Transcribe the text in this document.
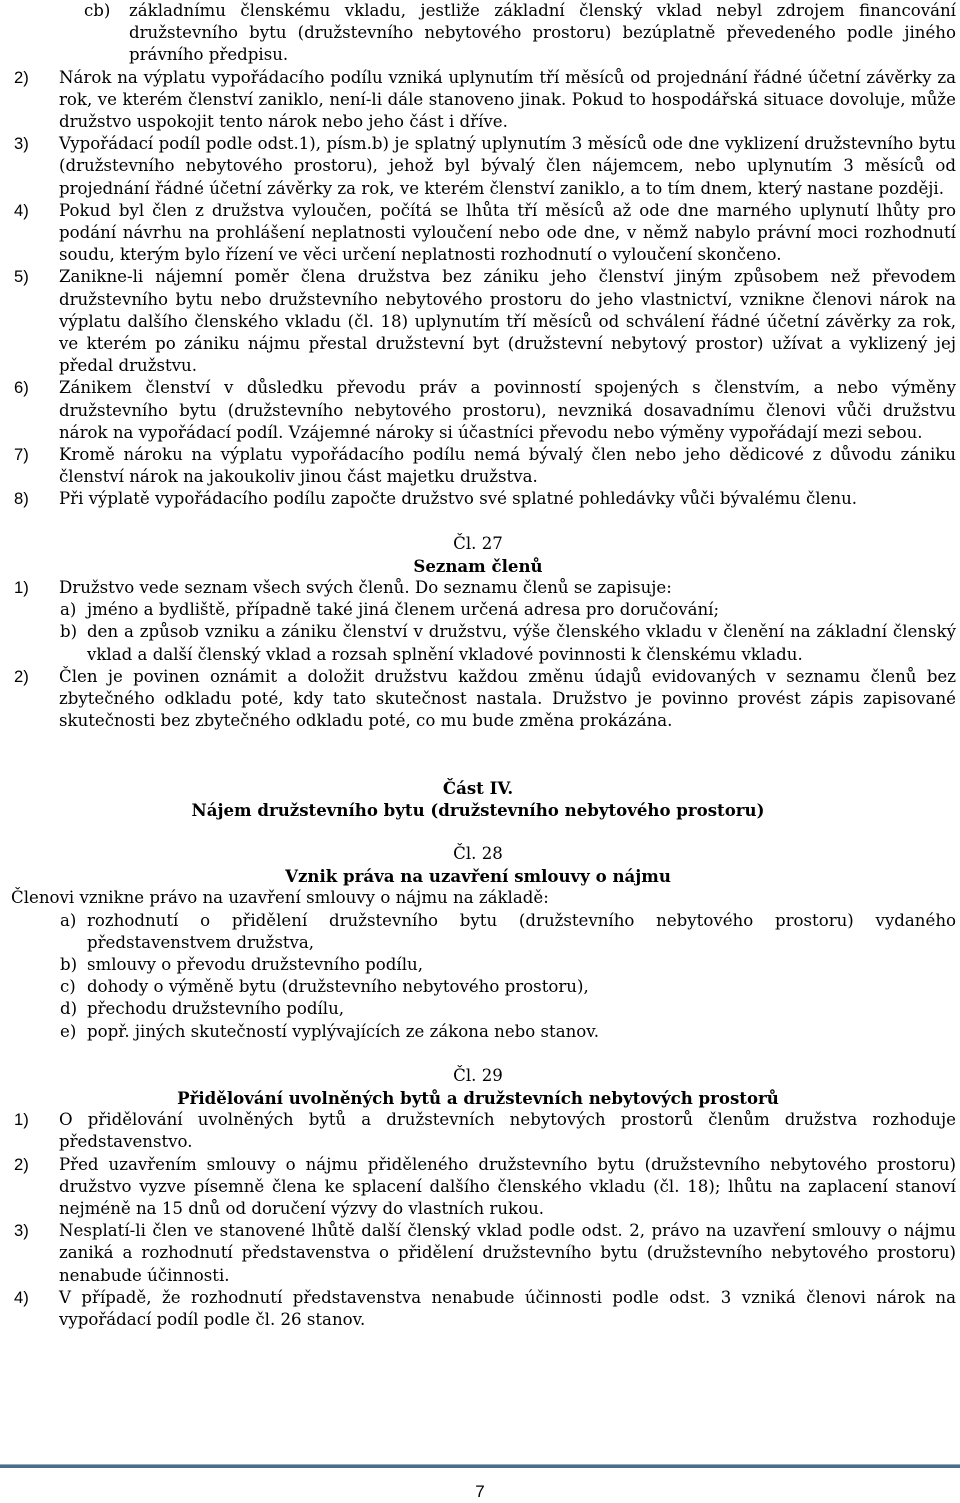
cb) základnímu členskému vkladu, jestliže základní členský vklad nebyl zdrojem financování družstevního bytu (družstevního nebytového prostoru) bezúplatně převedeného podle jiného právního předpisu.
2) Nárok na výplatu vypořádacího podílu vzniká uplynutím tří měsíců od projednání řádné účetní závěrky za rok, ve kterém členství zaniklo, není-li dále stanoveno jinak. Pokud to hospodářská situace dovoluje, může družstvo uspokojit tento nárok nebo jeho část i dříve.
3) Vypořádací podíl podle odst.1), písm.b) je splatný uplynutím 3 měsíců ode dne vyklizení družstevního bytu (družstevního nebytového prostoru), jehož byl bývalý člen nájemcem, nebo uplynutím 3 měsíců od projednání řádné účetní závěrky za rok, ve kterém členství zaniklo, a to tím dnem, který nastane později.
4) Pokud byl člen z družstva vyloučen, počítá se lhůta tří měsíců až ode dne marného uplynutí lhůty pro podání návrhu na prohlášení neplatnosti vyloučení nebo ode dne, v němž nabylo právní moci rozhodnutí soudu, kterým bylo řízení ve věci určení neplatnosti rozhodnutí o vyloučení skončeno.
5) Zanikne-li nájemní poměr člena družstva bez zániku jeho členství jiným způsobem než převodem družstevního bytu nebo družstevního nebytového prostoru do jeho vlastnictví, vznikne členovi nárok na výplatu dalšího členského vkladu (čl. 18) uplynutím tří měsíců od schválení řádné účetní závěrky za rok, ve kterém po zániku nájmu přestal družstevní byt (družstevní nebytový prostor) užívat a vyklizený jej předal družstvu.
6) Zánikem členství v důsledku převodu práv a povinností spojených s členstvím, a nebo výměny družstevního bytu (družstevního nebytového prostoru), nevzniká dosavadnímu členovi vůči družstvu nárok na vypořádací podíl. Vzájemné nároky si účastníci převodu nebo výměny vypořádají mezi sebou.
7) Kromě nároku na výplatu vypořádacího podílu nemá bývalý člen nebo jeho dědicové z důvodu zániku členství nárok na jakoukoliv jinou část majetku družstva.
8) Při výplatě vypořádacího podílu započte družstvo své splatné pohledávky vůči bývalému členu.
Čl. 27
Seznam členů
1) Družstvo vede seznam všech svých členů. Do seznamu členů se zapisuje:
a) jméno a bydliště, případně také jiná členem určená adresa pro doručování;
b) den a způsob vzniku a zániku členství v družstvu, výše členského vkladu v členění na základní členský vklad a další členský vklad a rozsah splnění vkladové povinnosti k členskému vkladu.
2) Člen je povinen oznámit a doložit družstvu každou změnu údajů evidovaných v seznamu členů bez zbytečného odkladu poté, kdy tato skutečnost nastala. Družstvo je povinno provést zápis zapisované skutečnosti bez zbytečného odkladu poté, co mu bude změna prokázána.
Část IV.
Nájem družstevního bytu (družstevního nebytového prostoru)
Čl. 28
Vznik práva na uzavření smlouvy o nájmu
Členovi vznikne právo na uzavření smlouvy o nájmu na základě:
a) rozhodnutí o přidělení družstevního bytu (družstevního nebytového prostoru) vydaného představenstvem družstva,
b) smlouvy o převodu družstevního podílu,
c) dohody o výměně bytu (družstevního nebytového prostoru),
d) přechodu družstevního podílu,
e) popř. jiných skutečností vyplývajících ze zákona nebo stanov.
Čl. 29
Přidělování uvolněných bytů a družstevních nebytových prostorů
1) O přidělování uvolněných bytů a družstevních nebytových prostorů členům družstva rozhoduje představenstvo.
2) Před uzavřením smlouvy o nájmu přiděleného družstevního bytu (družstevního nebytového prostoru) družstvo vyzve písemně člena ke splacení dalšího členského vkladu (čl. 18); lhůtu na zaplacení stanoví nejméně na 15 dnů od doručení výzvy do vlastních rukou.
3) Nesplatí-li člen ve stanovené lhůtě další členský vklad podle odst. 2, právo na uzavření smlouvy o nájmu zaniká a rozhodnutí představenstva o přidělení družstevního bytu (družstevního nebytového prostoru) nenabude účinnosti.
4) V případě, že rozhodnutí představenstva nenabude účinnosti podle odst. 3 vzniká členovi nárok na vypořádací podíl podle čl. 26 stanov.
7
